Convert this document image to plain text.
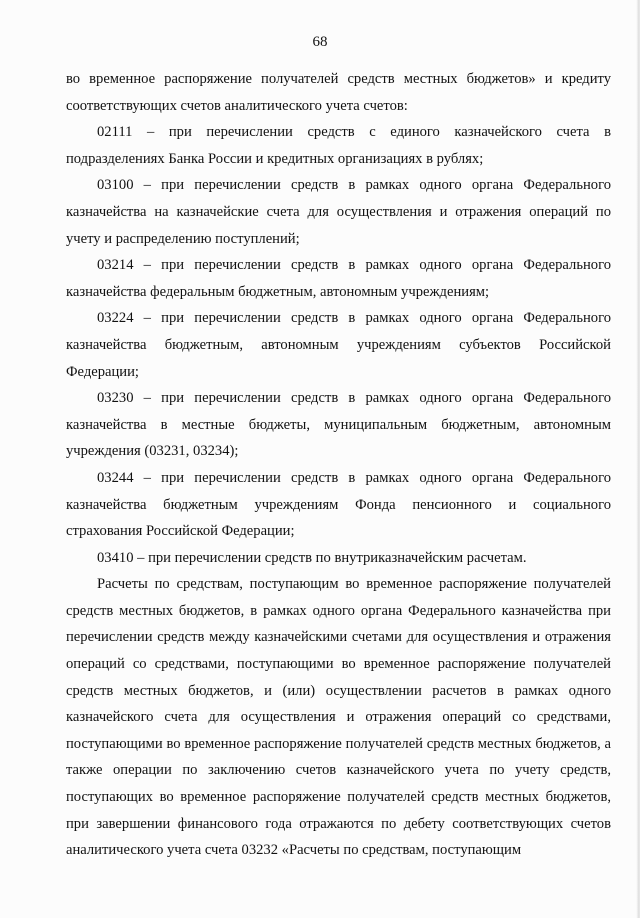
68

во временное распоряжение получателей средств местных бюджетов» и кредиту соответствующих счетов аналитического учета счетов:

02111 – при перечислении средств с единого казначейского счета в подразделениях Банка России и кредитных организациях в рублях;

03100 – при перечислении средств в рамках одного органа Федерального казначейства на казначейские счета для осуществления и отражения операций по учету и распределению поступлений;

03214 – при перечислении средств в рамках одного органа Федерального казначейства федеральным бюджетным, автономным учреждениям;

03224 – при перечислении средств в рамках одного органа Федерального казначейства бюджетным, автономным учреждениям субъектов Российской Федерации;

03230 – при перечислении средств в рамках одного органа Федерального казначейства в местные бюджеты, муниципальным бюджетным, автономным учреждения (03231, 03234);

03244 – при перечислении средств в рамках одного органа Федерального казначейства бюджетным учреждениям Фонда пенсионного и социального страхования Российской Федерации;

03410 – при перечислении средств по внутриказначейским расчетам.

Расчеты по средствам, поступающим во временное распоряжение получателей средств местных бюджетов, в рамках одного органа Федерального казначейства при перечислении средств между казначейскими счетами для осуществления и отражения операций со средствами, поступающими во временное распоряжение получателей средств местных бюджетов, и (или) осуществлении расчетов в рамках одного казначейского счета для осуществления и отражения операций со средствами, поступающими во временное распоряжение получателей средств местных бюджетов, а также операции по заключению счетов казначейского учета по учету средств, поступающих во временное распоряжение получателей средств местных бюджетов, при завершении финансового года отражаются по дебету соответствующих счетов аналитического учета счета 03232 «Расчеты по средствам, поступающим
